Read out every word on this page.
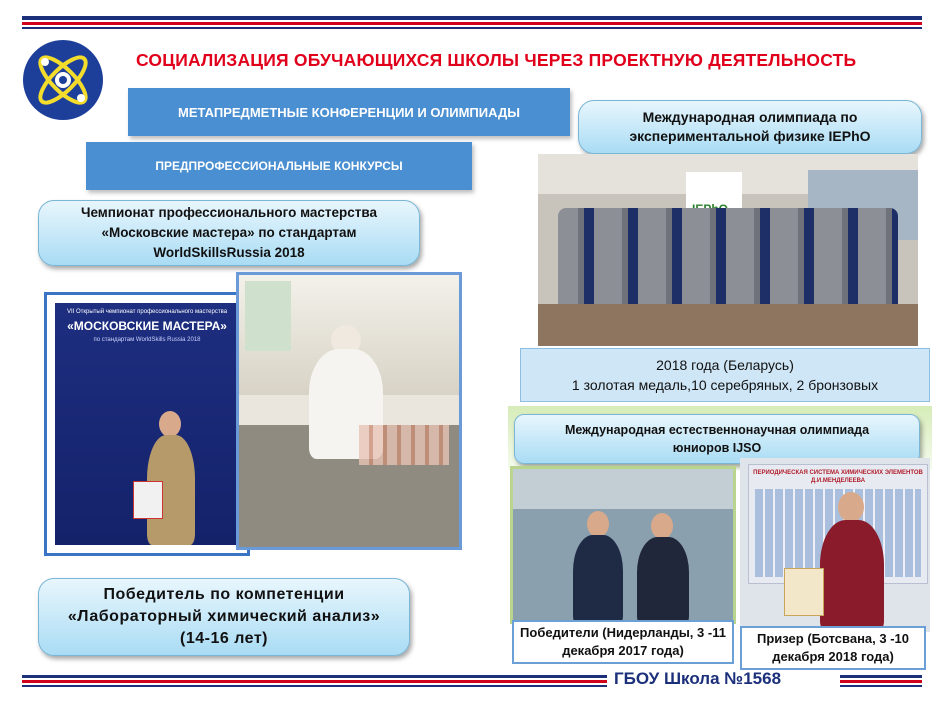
СОЦИАЛИЗАЦИЯ ОБУЧАЮЩИХСЯ ШКОЛЫ ЧЕРЕЗ ПРОЕКТНУЮ ДЕЯТЕЛЬНОСТЬ
МЕТАПРЕДМЕТНЫЕ КОНФЕРЕНЦИИ И ОЛИМПИАДЫ
ПРЕДПРОФЕССИОНАЛЬНЫЕ КОНКУРСЫ
Международная олимпиада по экспериментальной физике IEPhO
Чемпионат профессионального мастерства «Московские мастера» по стандартам WorldSkillsRussia 2018
VII Открытый чемпионат профессионального мастерства
«МОСКОВСКИЕ МАСТЕРА»
по стандартам WorldSkills Russia 2018
Победитель по компетенции «Лабораторный химический анализ» (14-16 лет)
2018 года (Беларусь)
1 золотая медаль,10 серебряных, 2 бронзовых
Международная естественнонаучная олимпиада юниоров IJSO
ПЕРИОДИЧЕСКАЯ СИСТЕМА ХИМИЧЕСКИХ ЭЛЕМЕНТОВ Д.И.МЕНДЕЛЕЕВА
Победители (Нидерланды, 3 -11 декабря 2017 года)
Призер (Ботсвана, 3 -10 декабря 2018 года)
ГБОУ Школа №1568
